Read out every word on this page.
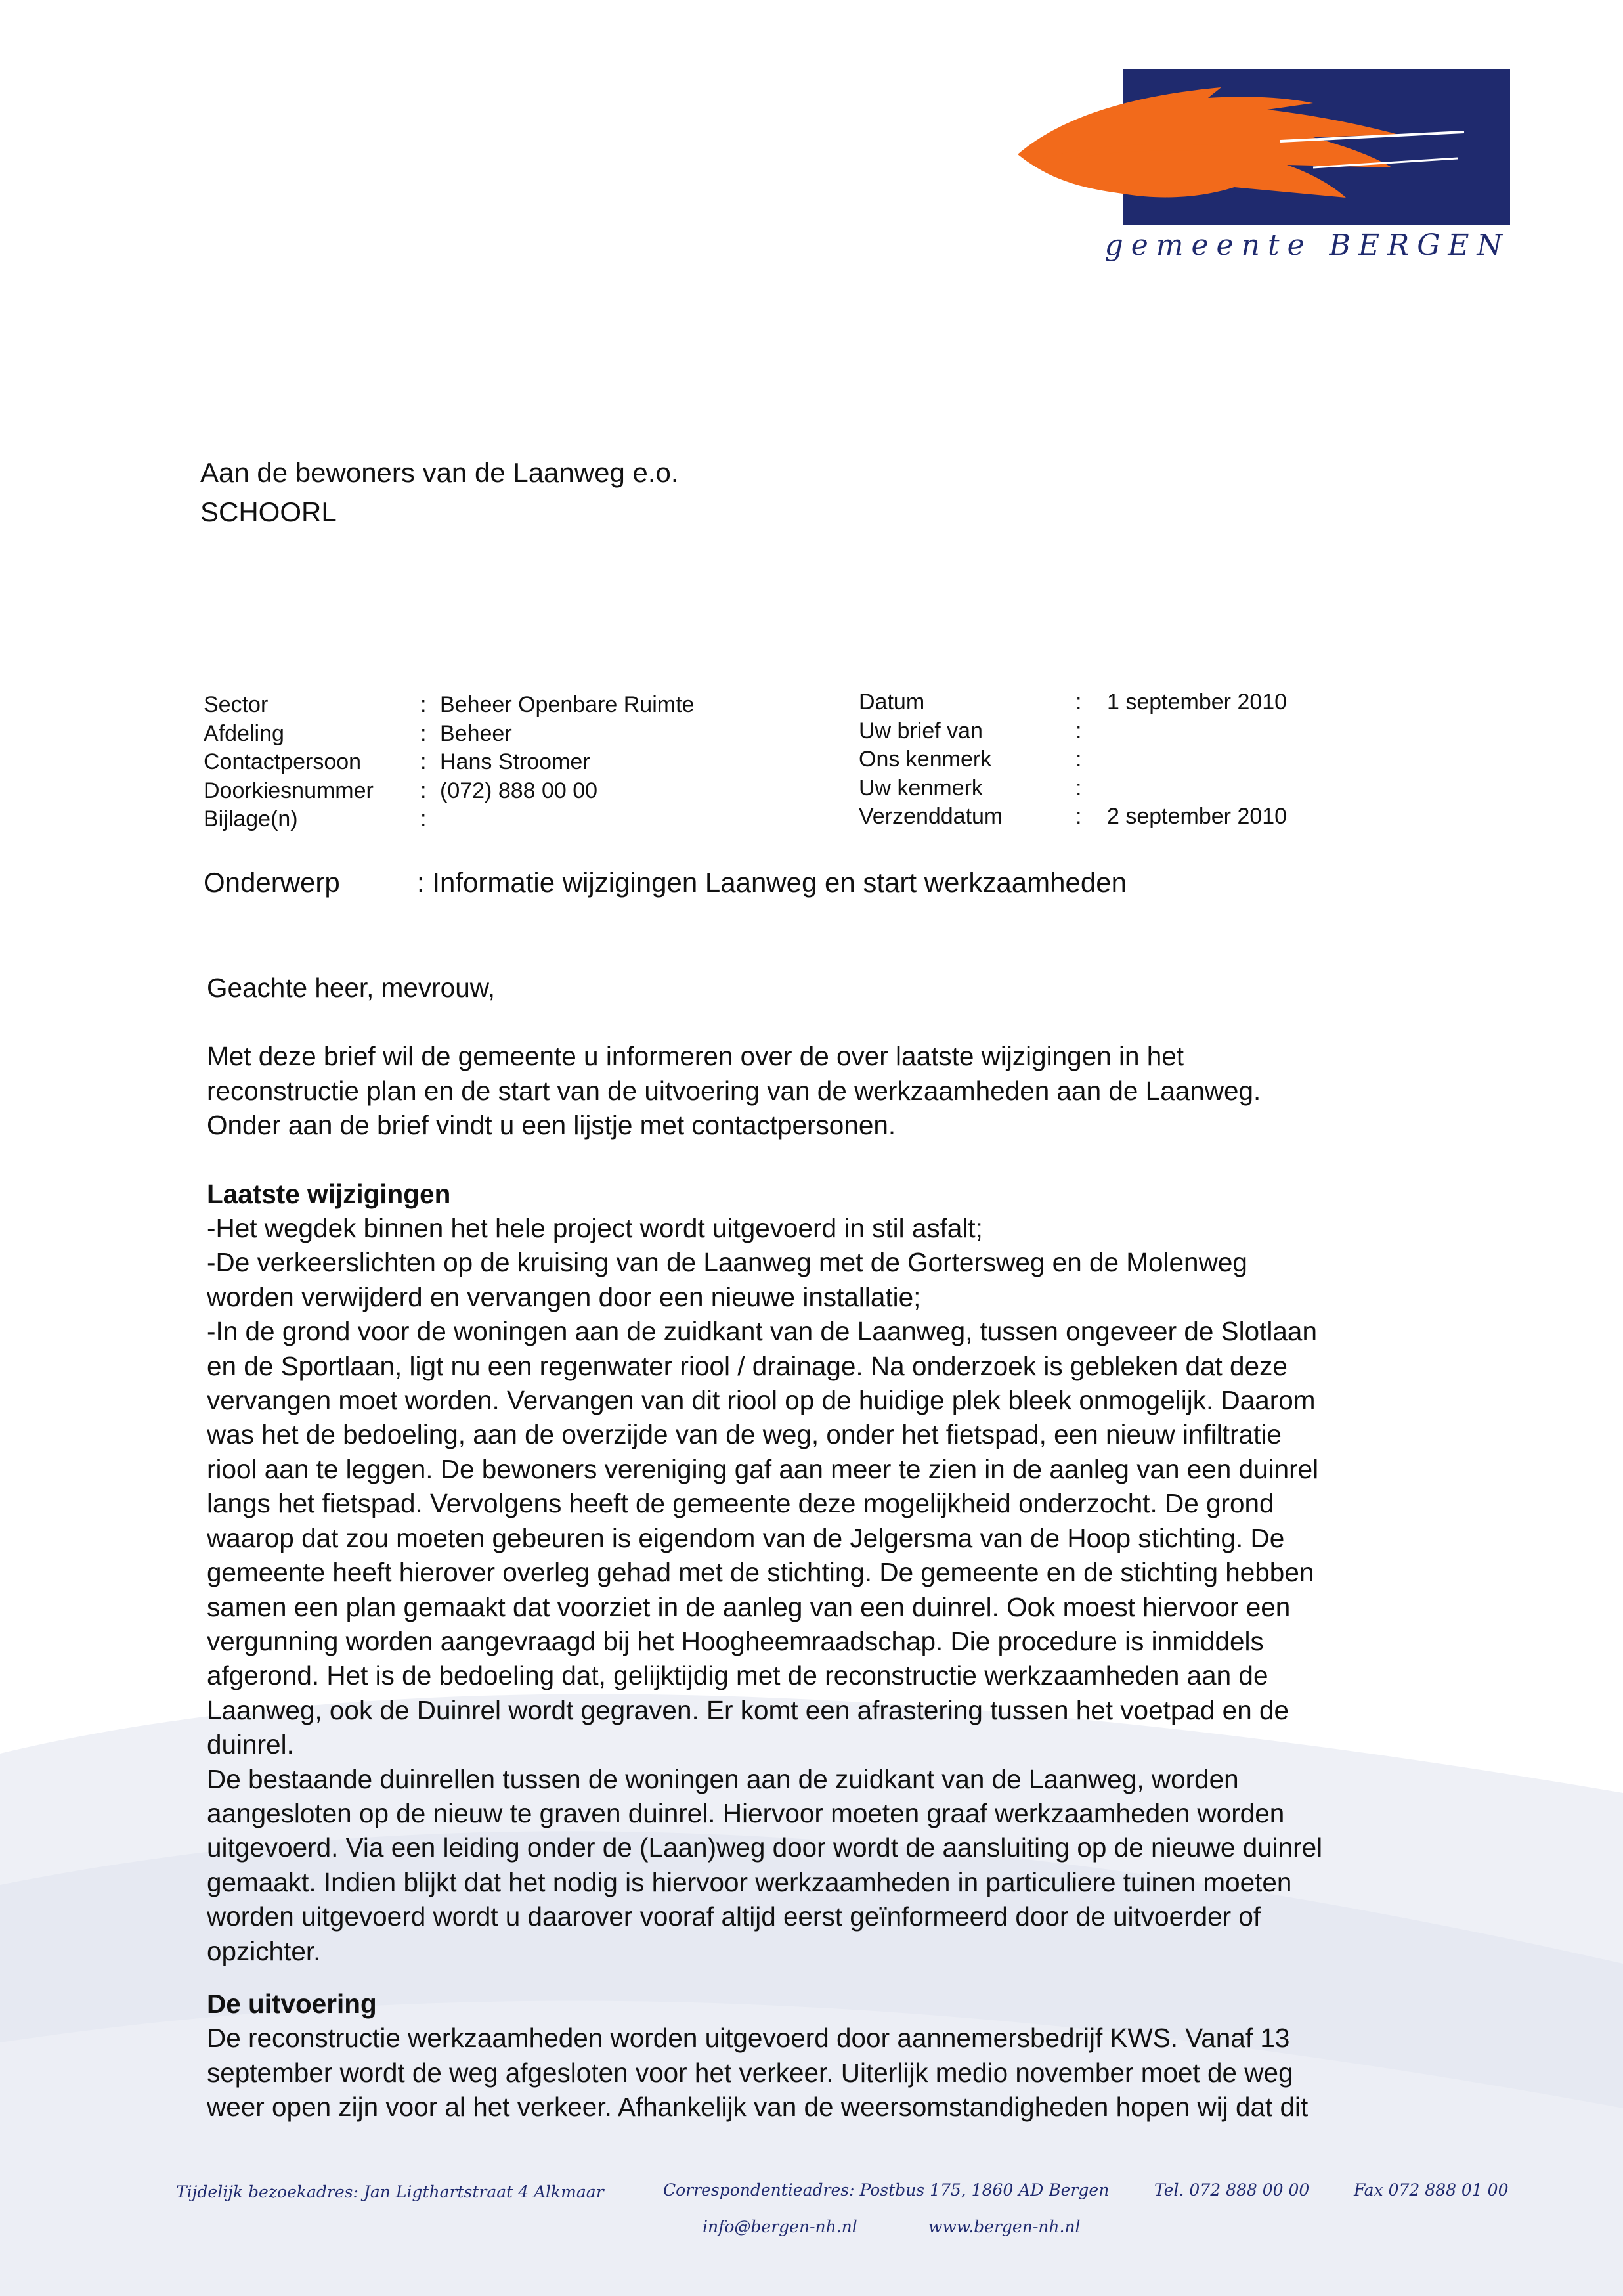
gemeente BERGEN
Aan de bewoners van de Laanweg e.o.
SCHOORL
Sector	: Beheer Openbare Ruimte
Afdeling	: Beheer
Contactpersoon	: Hans Stroomer
Doorkiesnummer	: (072) 888 00 00
Bijlage(n)	:
Datum	:	1 september 2010
Uw brief van	:
Ons kenmerk	:
Uw kenmerk	:
Verzenddatum	:	2 september 2010
Onderwerp	: Informatie wijzigingen Laanweg en start werkzaamheden

Geachte heer, mevrouw,

Met deze brief wil de gemeente u informeren over de over laatste wijzigingen in het

reconstructie plan en de start van de uitvoering van de werkzaamheden aan de Laanweg.

Onder aan de brief vindt u een lijstje met contactpersonen.

Laatste wijzigingen

-Het wegdek binnen het hele project wordt uitgevoerd in stil asfalt;

-De verkeerslichten op de kruising van de Laanweg met de Gortersweg en de Molenweg

worden verwijderd en vervangen door een nieuwe installatie;

-In de grond voor de woningen aan de zuidkant van de Laanweg, tussen ongeveer de Slotlaan

en de Sportlaan, ligt nu een regenwater riool / drainage. Na onderzoek is gebleken dat deze

vervangen moet worden. Vervangen van dit riool op de huidige plek bleek onmogelijk. Daarom

was het de bedoeling, aan de overzijde van de weg, onder het fietspad, een nieuw infiltratie

riool aan te leggen. De bewoners vereniging gaf aan meer te zien in de aanleg van een duinrel

langs het fietspad. Vervolgens heeft de gemeente deze mogelijkheid onderzocht. De grond

waarop dat zou moeten gebeuren is eigendom van de Jelgersma van de Hoop stichting. De

gemeente heeft hierover overleg gehad met de stichting. De gemeente en de stichting hebben

samen een plan gemaakt dat voorziet in de aanleg van een duinrel. Ook moest hiervoor een

vergunning worden aangevraagd bij het Hoogheemraadschap. Die procedure is inmiddels

afgerond. Het is de bedoeling dat, gelijktijdig met de reconstructie werkzaamheden aan de

Laanweg, ook de Duinrel wordt gegraven. Er komt een afrastering tussen het voetpad en de

duinrel.

De bestaande duinrellen tussen de woningen aan de zuidkant van de Laanweg, worden

aangesloten op de nieuw te graven duinrel. Hiervoor moeten graaf werkzaamheden worden

uitgevoerd. Via een leiding onder de (Laan)weg door wordt de aansluiting op de nieuwe duinrel

gemaakt. Indien blijkt dat het nodig is hiervoor werkzaamheden in particuliere tuinen moeten

worden uitgevoerd wordt u daarover vooraf altijd eerst geïnformeerd door de uitvoerder of

opzichter.

De uitvoering

De reconstructie werkzaamheden worden uitgevoerd door aannemersbedrijf KWS. Vanaf 13

september wordt de weg afgesloten voor het verkeer. Uiterlijk medio november moet de weg

weer open zijn voor al het verkeer. Afhankelijk van de weersomstandigheden hopen wij dat dit

Tijdelijk bezoekadres: Jan Ligthartstraat 4 Alkmaar	Correspondentieadres: Postbus 175, 1860 AD Bergen	Tel. 072 888 00 00	Fax 072 888 01 00
info@bergen-nh.nl	www.bergen-nh.nl
